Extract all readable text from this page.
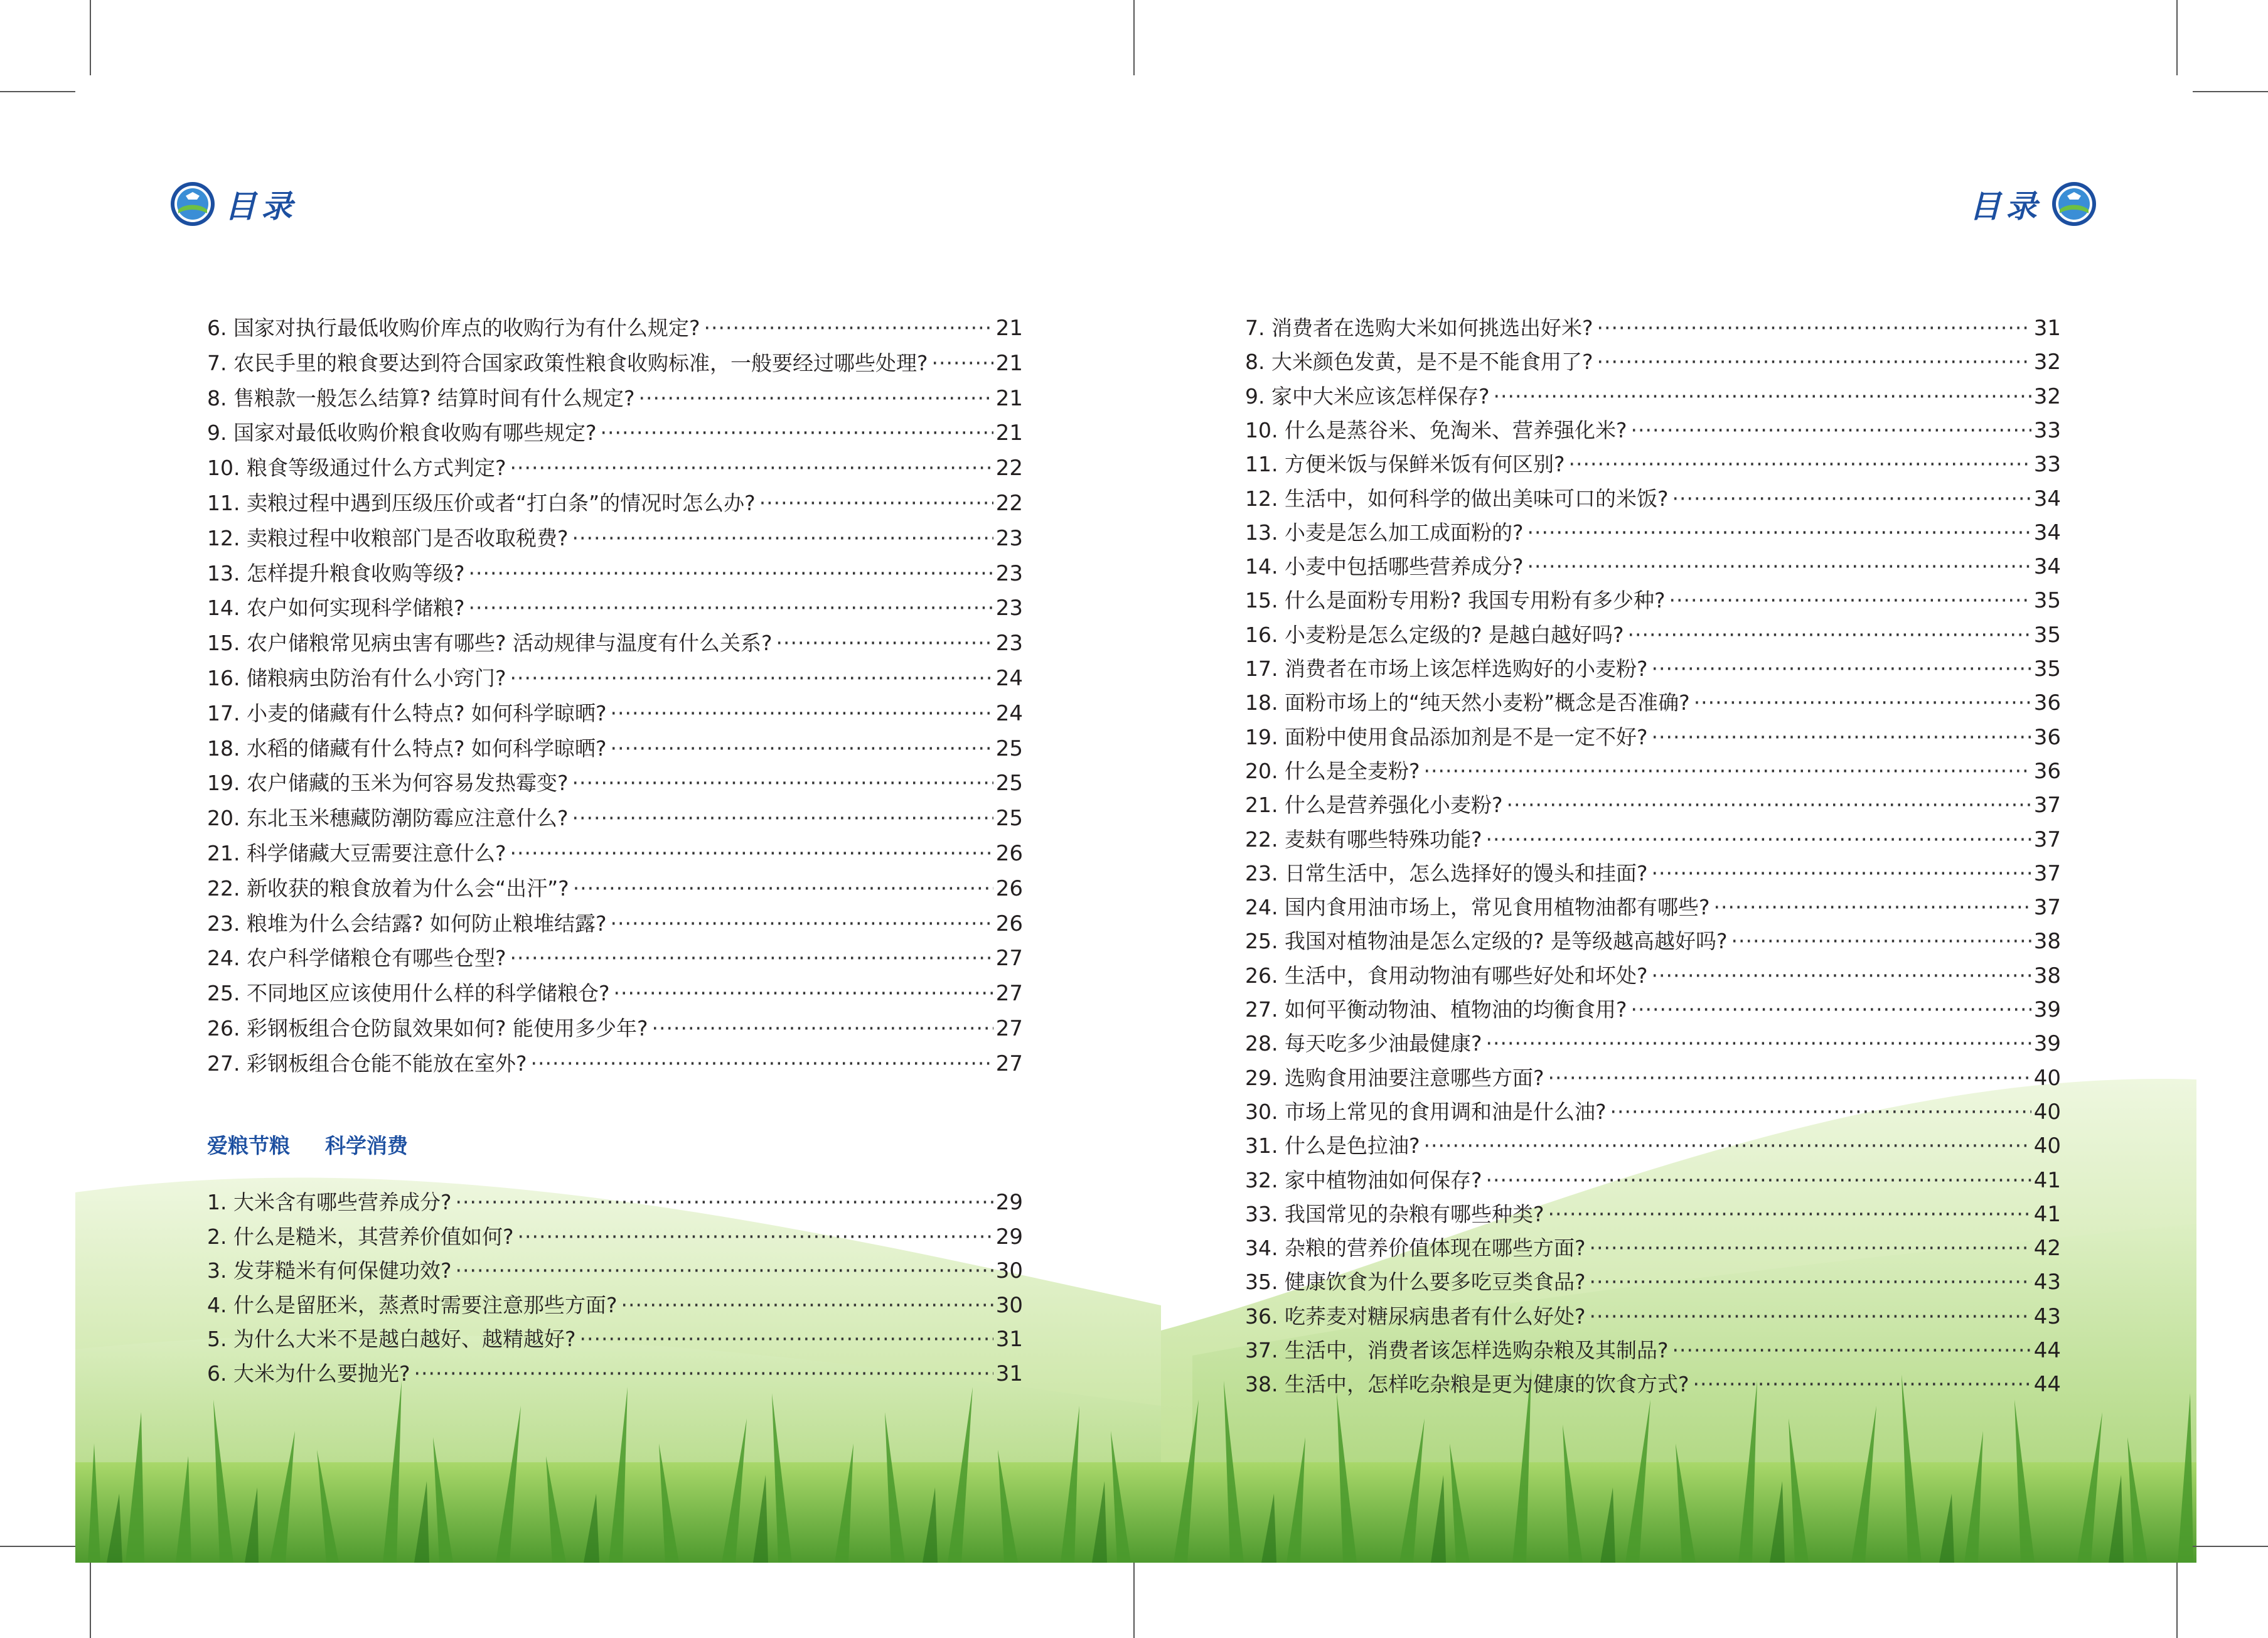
目录	目录
6. 国家对执行最低收购价库点的收购行为有什么规定? ·····	21
7. 农民手里的粮食要达到符合国家政策性粮食收购标准，一般要经过哪些处理? ·····	21
8. 售粮款一般怎么结算? 结算时间有什么规定? ·····	21
9. 国家对最低收购价粮食收购有哪些规定? ·····	21
10. 粮食等级通过什么方式判定? ·····	22
11. 卖粮过程中遇到压级压价或者“打白条”的情况时怎么办? ·····	22
12. 卖粮过程中收粮部门是否收取税费? ·····	23
13. 怎样提升粮食收购等级? ·····	23
14. 农户如何实现科学储粮? ·····	23
15. 农户储粮常见病虫害有哪些? 活动规律与温度有什么关系? ·····	23
16. 储粮病虫防治有什么小窍门? ·····	24
17. 小麦的储藏有什么特点? 如何科学晾晒? ·····	24
18. 水稻的储藏有什么特点? 如何科学晾晒? ·····	25
19. 农户储藏的玉米为何容易发热霉变? ·····	25
20. 东北玉米穗藏防潮防霉应注意什么? ·····	25
21. 科学储藏大豆需要注意什么? ·····	26
22. 新收获的粮食放着为什么会“出汗”? ·····	26
23. 粮堆为什么会结露? 如何防止粮堆结露? ·····	26
24. 农户科学储粮仓有哪些仓型? ·····	27
25. 不同地区应该使用什么样的科学储粮仓? ·····	27
26. 彩钢板组合仓防鼠效果如何? 能使用多少年? ·····	27
27. 彩钢板组合仓能不能放在室外? ·····	27
爱粮节粮 科学消费
1. 大米含有哪些营养成分? ·····	29
2. 什么是糙米，其营养价值如何? ·····	29
3. 发芽糙米有何保健功效? ·····	30
4. 什么是留胚米，蒸煮时需要注意那些方面? ·····	30
5. 为什么大米不是越白越好、越精越好? ·····	31
6. 大米为什么要抛光? ·····	31
7. 消费者在选购大米如何挑选出好米? ·····	31
8. 大米颜色发黄，是不是不能食用了? ·····	32
9. 家中大米应该怎样保存? ·····	32
10. 什么是蒸谷米、免淘米、营养强化米? ·····	33
11. 方便米饭与保鲜米饭有何区别? ·····	33
12. 生活中，如何科学的做出美味可口的米饭? ·····	34
13. 小麦是怎么加工成面粉的? ·····	34
14. 小麦中包括哪些营养成分? ·····	34
15. 什么是面粉专用粉? 我国专用粉有多少种? ·····	35
16. 小麦粉是怎么定级的? 是越白越好吗? ·····	35
17. 消费者在市场上该怎样选购好的小麦粉? ·····	35
18. 面粉市场上的“纯天然小麦粉”概念是否准确? ·····	36
19. 面粉中使用食品添加剂是不是一定不好? ·····	36
20. 什么是全麦粉? ·····	36
21. 什么是营养强化小麦粉? ·····	37
22. 麦麸有哪些特殊功能? ·····	37
23. 日常生活中，怎么选择好的馒头和挂面? ·····	37
24. 国内食用油市场上，常见食用植物油都有哪些? ·····	37
25. 我国对植物油是怎么定级的? 是等级越高越好吗? ·····	38
26. 生活中，食用动物油有哪些好处和坏处? ·····	38
27. 如何平衡动物油、植物油的均衡食用? ·····	39
28. 每天吃多少油最健康? ·····	39
29. 选购食用油要注意哪些方面? ·····	40
30. 市场上常见的食用调和油是什么油? ·····	40
31. 什么是色拉油? ·····	40
32. 家中植物油如何保存? ·····	41
33. 我国常见的杂粮有哪些种类? ·····	41
34. 杂粮的营养价值体现在哪些方面? ·····	42
35. 健康饮食为什么要多吃豆类食品? ·····	43
36. 吃荞麦对糖尿病患者有什么好处? ·····	43
37. 生活中，消费者该怎样选购杂粮及其制品? ·····	44
38. 生活中，怎样吃杂粮是更为健康的饮食方式? ·····	44
